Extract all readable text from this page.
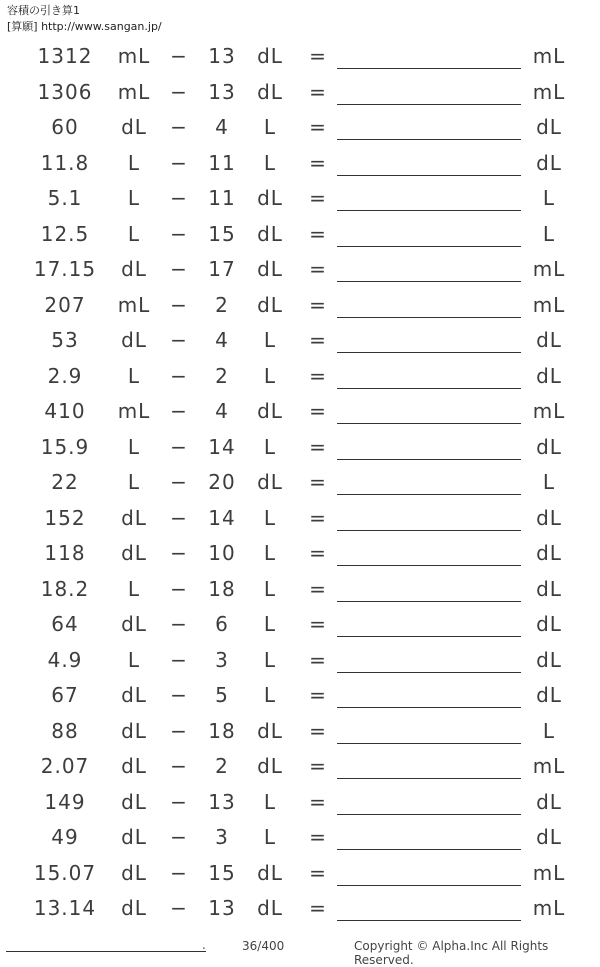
容積の引き算1
[算願] http://www.sangan.jp/
1312	mL −	13	dL	=	mL
1306	mL −	13	dL	=	mL
60	dL	−	4	L	=	dL
11.8	L	−	11	L	=	dL
5.1	L	−	11	dL	=	L
12.5	L	−	15	dL	=	L
17.15	dL	−	17	dL	=	mL
207	mL −	2	dL	=	mL
53	dL	−	4	L	=	dL
2.9	L	−	2	L	=	dL
410	mL −	4	dL	=	mL
15.9	L	−	14	L	=	dL
22	L	−	20	dL	=	L
152	dL	−	14	L	=	dL
118	dL	−	10	L	=	dL
18.2	L	−	18	L	=	dL
64	dL	−	6	L	=	dL
4.9	L	−	3	L	=	dL
67	dL	−	5	L	=	dL
88	dL	−	18	dL	=	L
2.07	dL	−	2	dL	=	mL
149	dL	−	13	L	=	dL
49	dL	−	3	L	=	dL
15.07	dL	−	15	dL	=	mL
13.14	dL	−	13	dL	=	mL
.	36/400	Copyright © Alpha.Inc All Rights Reserved.
